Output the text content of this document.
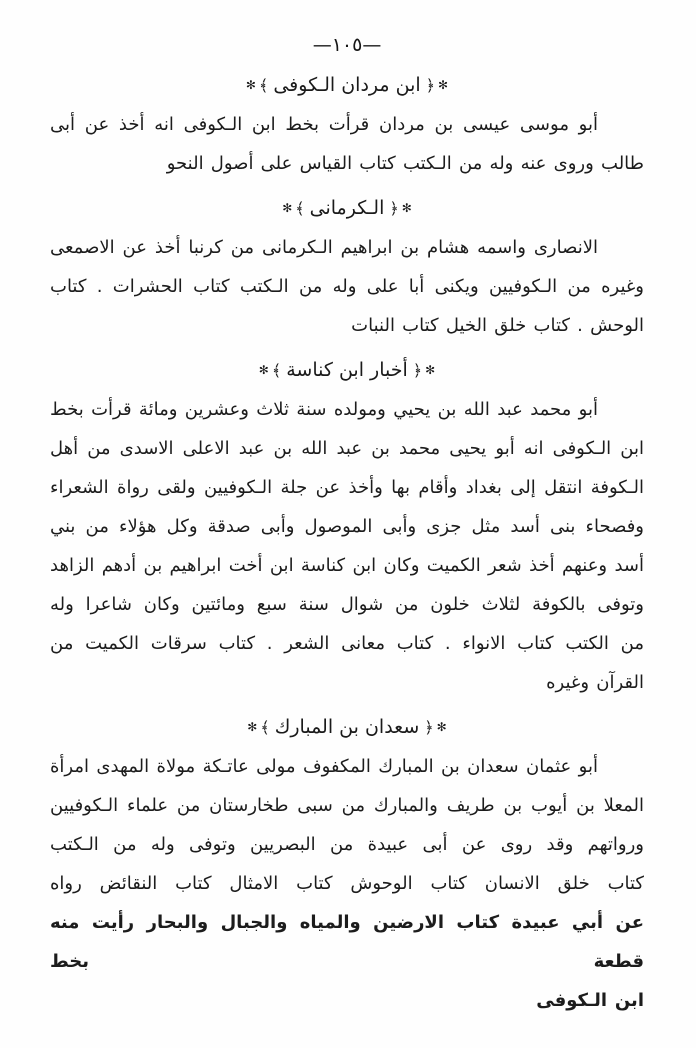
—١٠٥—
✻﴿ابن مردان الـكوفى﴾✻

أبو موسى عيسى بن مردان قرأت بخط ابن الـكوفى انه أخذ عن أبى
طالب وروى عنه وله من الـكتب كتاب القياس على أصول النحو

✻﴿الـكرمانى﴾✻

الانصارى واسمه هشام بن ابراهيم الـكرمانى من كرنبا أخذ عن الاصمعى
وغيره من الـكوفيين ويكنى أبا على وله من الـكتب كتاب الحشرات . كتاب
الوحش . كتاب خلق الخيل كتاب النبات

✻﴿أخبار ابن كناسة﴾✻

أبو محمد عبد الله بن يحيي ومولده سنة ثلاث وعشرين ومائة قرأت بخط
ابن الـكوفى انه أبو يحيى محمد بن عبد الله بن عبد الاعلى الاسدى من أهل
الـكوفة انتقل إلى بغداد وأقام بها وأخذ عن جلة الـكوفيين ولقى رواة الشعراء
وفصحاء بنى أسد مثل جزى وأبى الموصول وأبى صدقة وكل هؤلاء من بني
أسد وعنهم أخذ شعر الكميت وكان ابن كناسة ابن أخت ابراهيم بن أدهم الزاهد
وتوفى بالكوفة لثلاث خلون من شوال سنة سبع ومائتين وكان شاعرا وله
من الكتب كتاب الانواء . كتاب معانى الشعر . كتاب سرقات الكميت من
القرآن وغيره

✻﴿سعدان بن المبارك﴾✻

أبو عثمان سعدان بن المبارك المكفوف مولى عاتـكة مولاة المهدى امرأة
المعلا بن أيوب بن طريف والمبارك من سبى طخارستان من علماء الـكوفيين
ورواتهم وقد روى عن أبى عبيدة من البصريين وتوفى وله من الـكتب
كتاب خلق الانسان كتاب الوحوش كتاب الامثال كتاب النقائض رواه
عن أبي عبيدة كتاب الارضين والمياه والجبال والبحار رأيت منه قطعة بخط
ابن الـكوفى
